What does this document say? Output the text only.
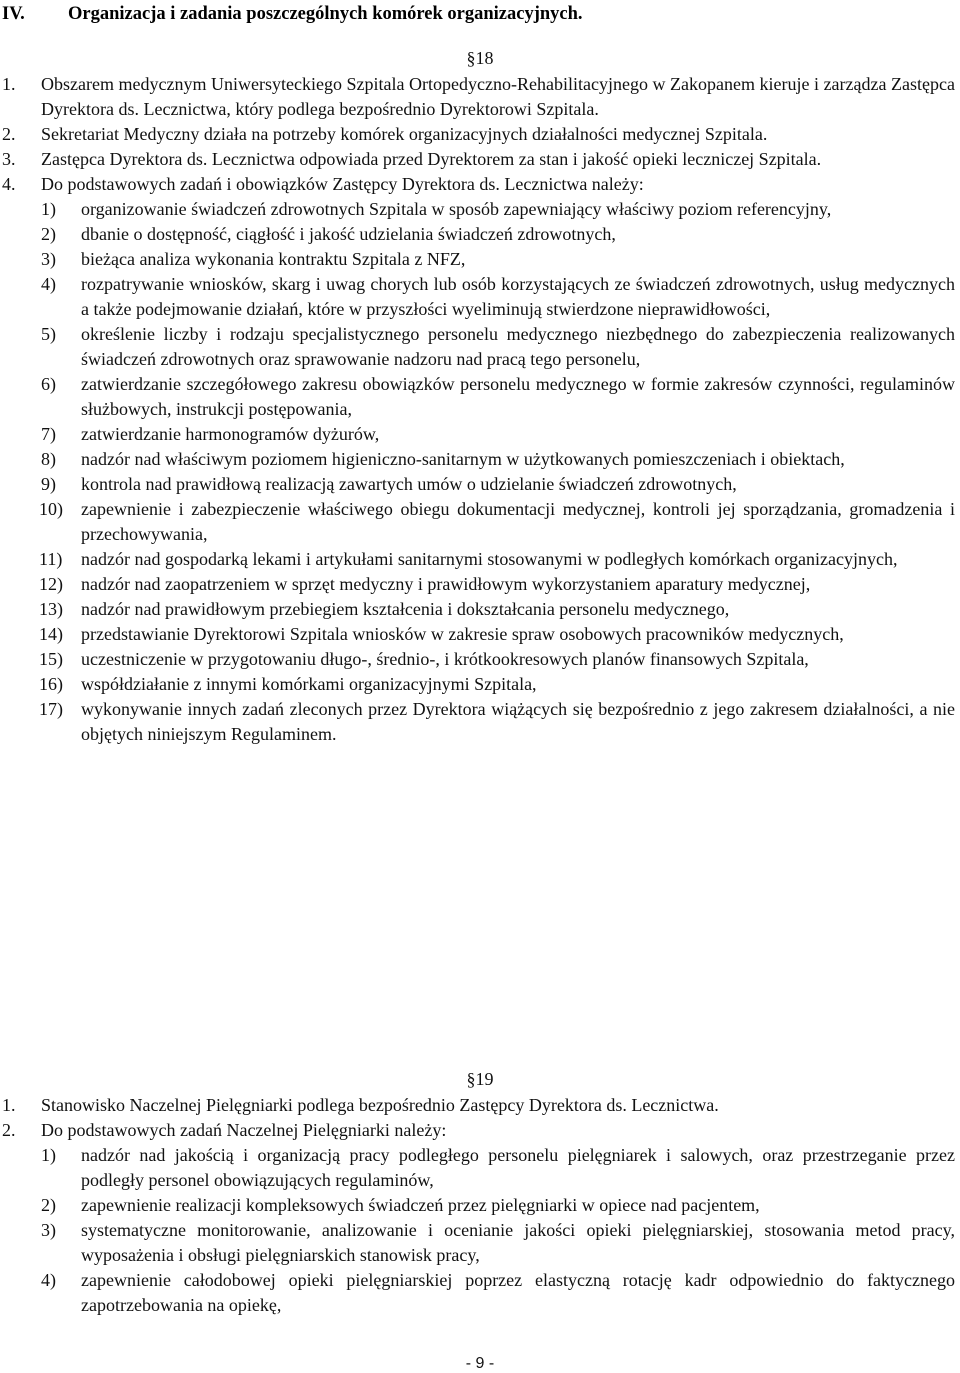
IV. Organizacja i zadania poszczególnych komórek organizacyjnych.

§18

1. Obszarem medycznym Uniwersyteckiego Szpitala Ortopedyczno-Rehabilitacyjnego w Zakopanem kieruje i zarządza Zastępca Dyrektora ds. Lecznictwa, który podlega bezpośrednio Dyrektorowi Szpitala.
2. Sekretariat Medyczny działa na potrzeby komórek organizacyjnych działalności medycznej Szpitala.
3. Zastępca Dyrektora ds. Lecznictwa odpowiada przed Dyrektorem za stan i jakość opieki leczniczej Szpitala.
4. Do podstawowych zadań i obowiązków Zastępcy Dyrektora ds. Lecznictwa należy:
1) organizowanie świadczeń zdrowotnych Szpitala w sposób zapewniający właściwy poziom referencyjny,
2) dbanie o dostępność, ciągłość i jakość udzielania świadczeń zdrowotnych,
3) bieżąca analiza wykonania kontraktu Szpitala z NFZ,
4) rozpatrywanie wniosków, skarg i uwag chorych lub osób korzystających ze świadczeń zdrowotnych, usług medycznych a także podejmowanie działań, które w przyszłości wyeliminują stwierdzone nieprawidłowości,
5) określenie liczby i rodzaju specjalistycznego personelu medycznego niezbędnego do zabezpieczenia realizowanych świadczeń zdrowotnych oraz sprawowanie nadzoru nad pracą tego personelu,
6) zatwierdzanie szczegółowego zakresu obowiązków personelu medycznego w formie zakresów czynności, regulaminów służbowych, instrukcji postępowania,
7) zatwierdzanie harmonogramów dyżurów,
8) nadzór nad właściwym poziomem higieniczno-sanitarnym w użytkowanych pomieszczeniach i obiektach,
9) kontrola nad prawidłową realizacją zawartych umów o udzielanie świadczeń zdrowotnych,
10) zapewnienie i zabezpieczenie właściwego obiegu dokumentacji medycznej, kontroli jej sporządzania, gromadzenia i przechowywania,
11) nadzór nad gospodarką lekami i artykułami sanitarnymi stosowanymi w podległych komórkach organizacyjnych,
12) nadzór nad zaopatrzeniem w sprzęt medyczny i prawidłowym wykorzystaniem aparatury medycznej,
13) nadzór nad prawidłowym przebiegiem kształcenia i dokształcania personelu medycznego,
14) przedstawianie Dyrektorowi Szpitala wniosków w zakresie spraw osobowych pracowników medycznych,
15) uczestniczenie w przygotowaniu długo-, średnio-, i krótkookresowych planów finansowych Szpitala,
16) współdziałanie z innymi komórkami organizacyjnymi Szpitala,
17) wykonywanie innych zadań zleconych przez Dyrektora wiążących się bezpośrednio z jego zakresem działalności, a nie objętych niniejszym Regulaminem.

§19

1. Stanowisko Naczelnej Pielęgniarki podlega bezpośrednio Zastępcy Dyrektora ds. Lecznictwa.
2. Do podstawowych zadań Naczelnej Pielęgniarki należy:
1) nadzór nad jakością i organizacją pracy podległego personelu pielęgniarek i salowych, oraz przestrzeganie przez podległy personel obowiązujących regulaminów,
2) zapewnienie realizacji kompleksowych świadczeń przez pielęgniarki w opiece nad pacjentem,
3) systematyczne monitorowanie, analizowanie i ocenianie jakości opieki pielęgniarskiej, stosowania metod pracy, wyposażenia i obsługi pielęgniarskich stanowisk pracy,
4) zapewnienie całodobowej opieki pielęgniarskiej poprzez elastyczną rotację kadr odpowiednio do faktycznego zapotrzebowania na opiekę,
- 9 -
